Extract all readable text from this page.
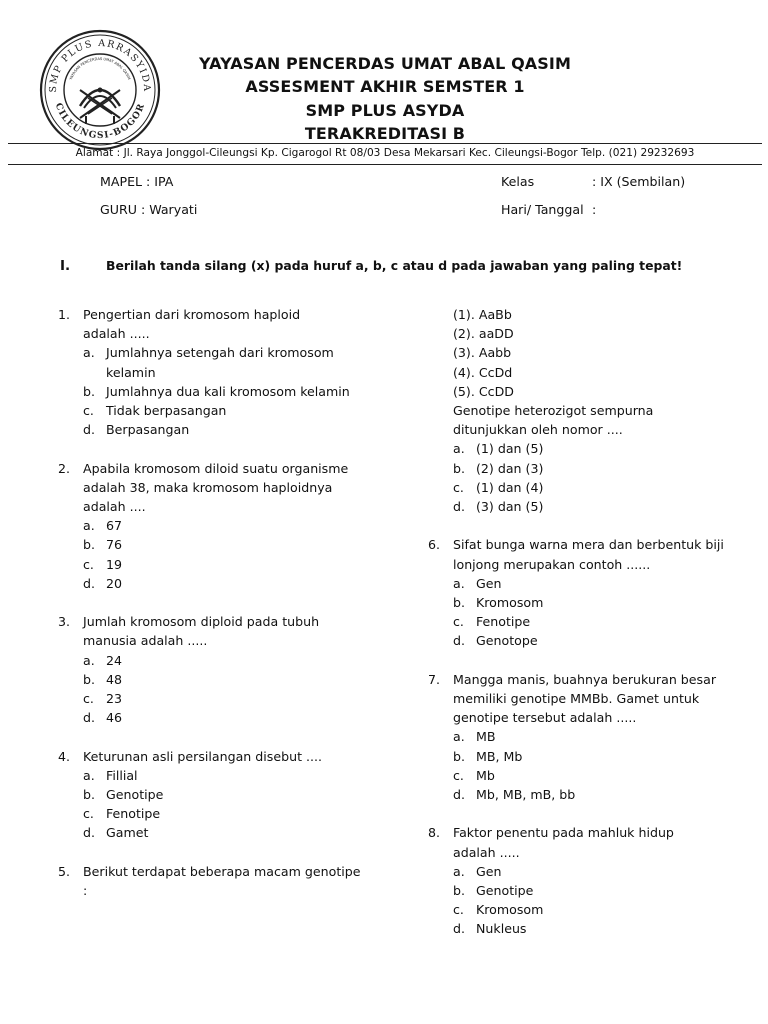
SMP PLUS ARRASYIDA
CILEUNGSI-BOGOR
YAYASAN PENCERDAS UMAT ABAL QASIM
YAYASAN PENCERDAS UMAT ABAL QASIM
ASSESMENT AKHIR SEMSTER 1
SMP PLUS ASYDA
TERAKREDITASI B
Alamat : Jl. Raya Jonggol-Cileungsi Kp. Cigarogol Rt 08/03 Desa Mekarsari Kec. Cileungsi-Bogor Telp. (021) 29232693
MAPEL : IPA
GURU : Waryati
Kelas	: IX (Sembilan)
Hari/ Tanggal :
I.	Berilah tanda silang (x) pada huruf a, b, c atau d pada jawaban yang paling tepat!
1. Pengertian dari kromosom haploid
adalah .....
a. Jumlahnya setengah dari kromosom
kelamin
b. Jumlahnya dua kali kromosom kelamin
c. Tidak berpasangan
d. Berpasangan
2. Apabila kromosom diloid suatu organisme
adalah 38, maka kromosom haploidnya
adalah ....
a. 67
b. 76
c. 19
d. 20
3. Jumlah kromosom diploid pada tubuh
manusia adalah .....
a. 24
b. 48
c. 23
d. 46
4. Keturunan asli persilangan disebut ....
a. Fillial
b. Genotipe
c. Fenotipe
d. Gamet
5. Berikut terdapat beberapa macam genotipe
:
(1). AaBb
(2). aaDD
(3). Aabb
(4). CcDd
(5). CcDD
Genotipe heterozigot sempurna
ditunjukkan oleh nomor ....
a. (1) dan (5)
b. (2) dan (3)
c. (1) dan (4)
d. (3) dan (5)
6. Sifat bunga warna mera dan berbentuk biji
lonjong merupakan contoh ......
a. Gen
b. Kromosom
c. Fenotipe
d. Genotope
7. Mangga manis, buahnya berukuran besar
memiliki genotipe MMBb. Gamet untuk
genotipe tersebut adalah .....
a. MB
b. MB, Mb
c. Mb
d. Mb, MB, mB, bb
8. Faktor penentu pada mahluk hidup
adalah .....
a. Gen
b. Genotipe
c. Kromosom
d. Nukleus
